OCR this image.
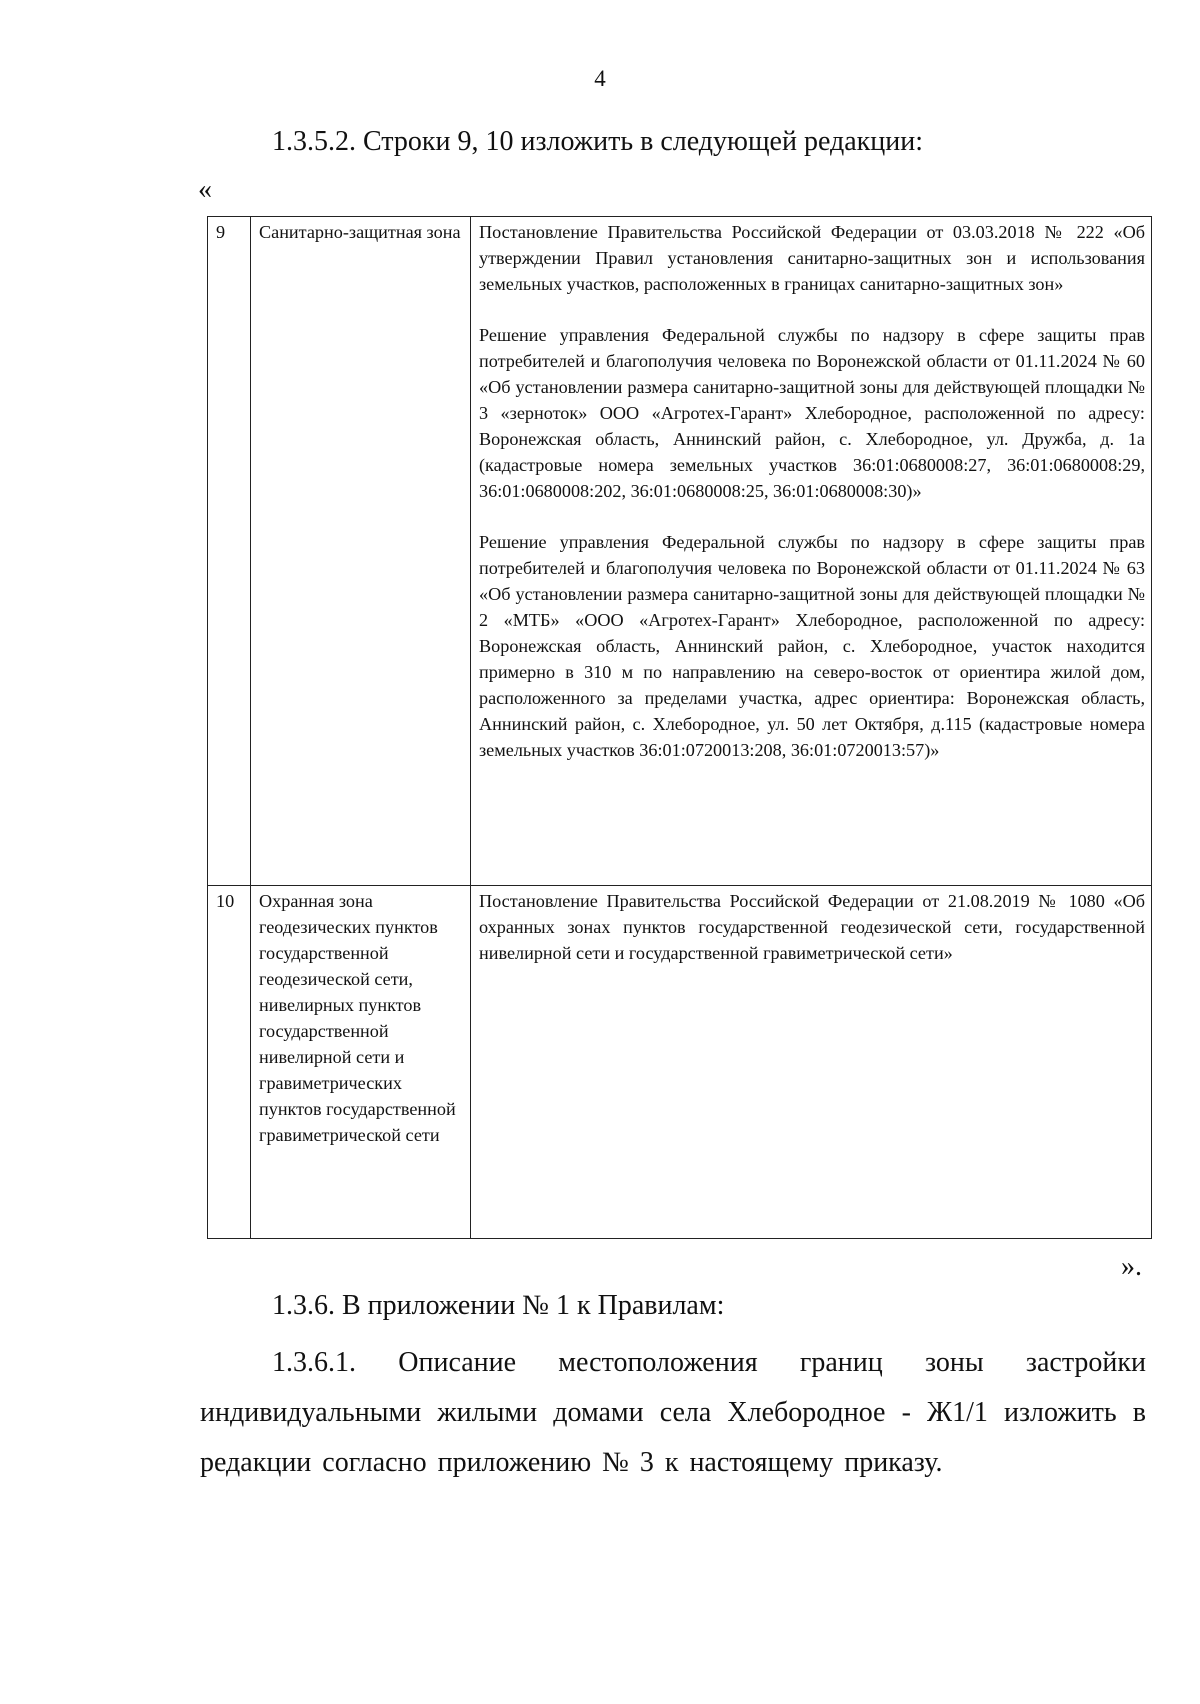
4
1.3.5.2. Строки 9, 10 изложить в следующей редакции:
«
9	Санитарно-защитная зона	Постановление Правительства Российской Федерации от 03.03.2018 № 222 «Об утверждении Правил установления санитарно-защитных зон и использования земельных участков, расположенных в границах санитарно-защитных зон»

Решение управления Федеральной службы по надзору в сфере защиты прав потребителей и благополучия человека по Воронежской области от 01.11.2024 № 60 «Об установлении размера санитарно-защитной зоны для действующей площадки № 3 «зерноток» ООО «Агротех-Гарант» Хлебородное, расположенной по адресу: Воронежская область, Аннинский район, с. Хлебородное, ул. Дружба, д. 1а (кадастровые номера земельных участков 36:01:0680008:27, 36:01:0680008:29, 36:01:0680008:202, 36:01:0680008:25, 36:01:0680008:30)»

Решение управления Федеральной службы по надзору в сфере защиты прав потребителей и благополучия человека по Воронежской области от 01.11.2024 № 63 «Об установлении размера санитарно-защитной зоны для действующей площадки № 2 «МТБ» «ООО «Агротех-Гарант» Хлебородное, расположенной по адресу: Воронежская область, Аннинский район, с. Хлебородное, участок находится примерно в 310 м по направлению на северо-восток от ориентира жилой дом, расположенного за пределами участка, адрес ориентира: Воронежская область, Аннинский район, с. Хлебородное, ул. 50 лет Октября, д.115 (кадастровые номера земельных участков 36:01:0720013:208, 36:01:0720013:57)»

10	Охранная зона геодезических пунктов государственной геодезической сети, нивелирных пунктов государственной нивелирной сети и гравиметрических пунктов государственной гравиметрической сети	Постановление Правительства Российской Федерации от 21.08.2019 № 1080 «Об охранных зонах пунктов государственной геодезической сети, государственной нивелирной сети и государственной гравиметрической сети»

».
1.3.6. В приложении № 1 к Правилам:
1.3.6.1. Описание местоположения границ зоны застройки индивидуальными жилыми домами села Хлебородное - Ж1/1 изложить в редакции согласно приложению № 3 к настоящему приказу.
